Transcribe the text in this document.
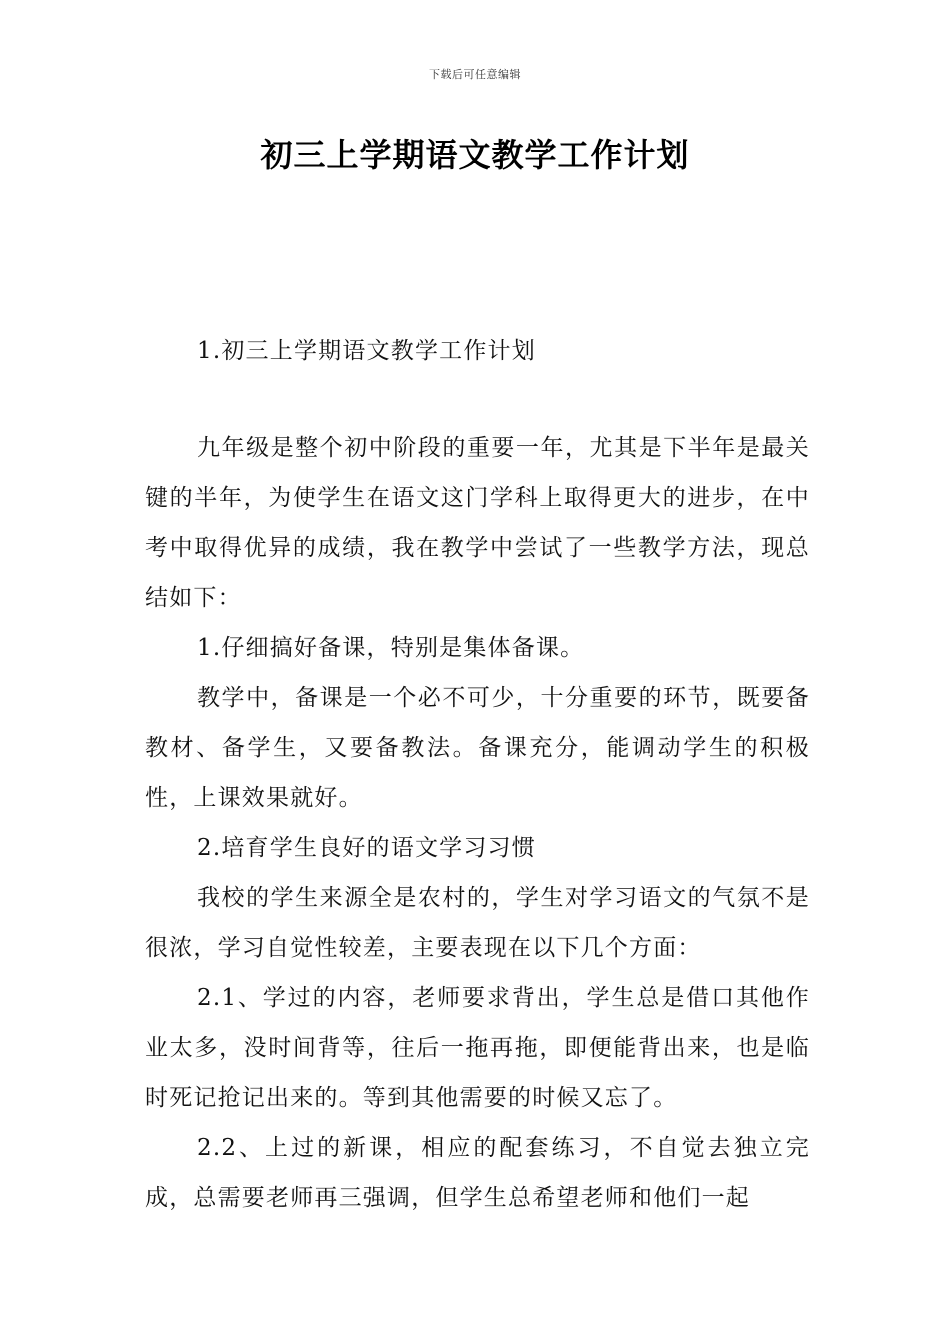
下载后可任意编辑
初三上学期语文教学工作计划

1.初三上学期语文教学工作计划

九年级是整个初中阶段的重要一年，尤其是下半年是最关键的半年，为使学生在语文这门学科上取得更大的进步，在中考中取得优异的成绩，我在教学中尝试了一些教学方法，现总结如下：

1.仔细搞好备课，特别是集体备课。

教学中，备课是一个必不可少，十分重要的环节，既要备教材、备学生，又要备教法。备课充分，能调动学生的积极性，上课效果就好。

2.培育学生良好的语文学习习惯

我校的学生来源全是农村的，学生对学习语文的气氛不是很浓，学习自觉性较差，主要表现在以下几个方面：

2.1、学过的内容，老师要求背出，学生总是借口其他作业太多，没时间背等，往后一拖再拖，即便能背出来，也是临时死记抢记出来的。等到其他需要的时候又忘了。

2.2、上过的新课，相应的配套练习，不自觉去独立完成，总需要老师再三强调，但学生总希望老师和他们一起
